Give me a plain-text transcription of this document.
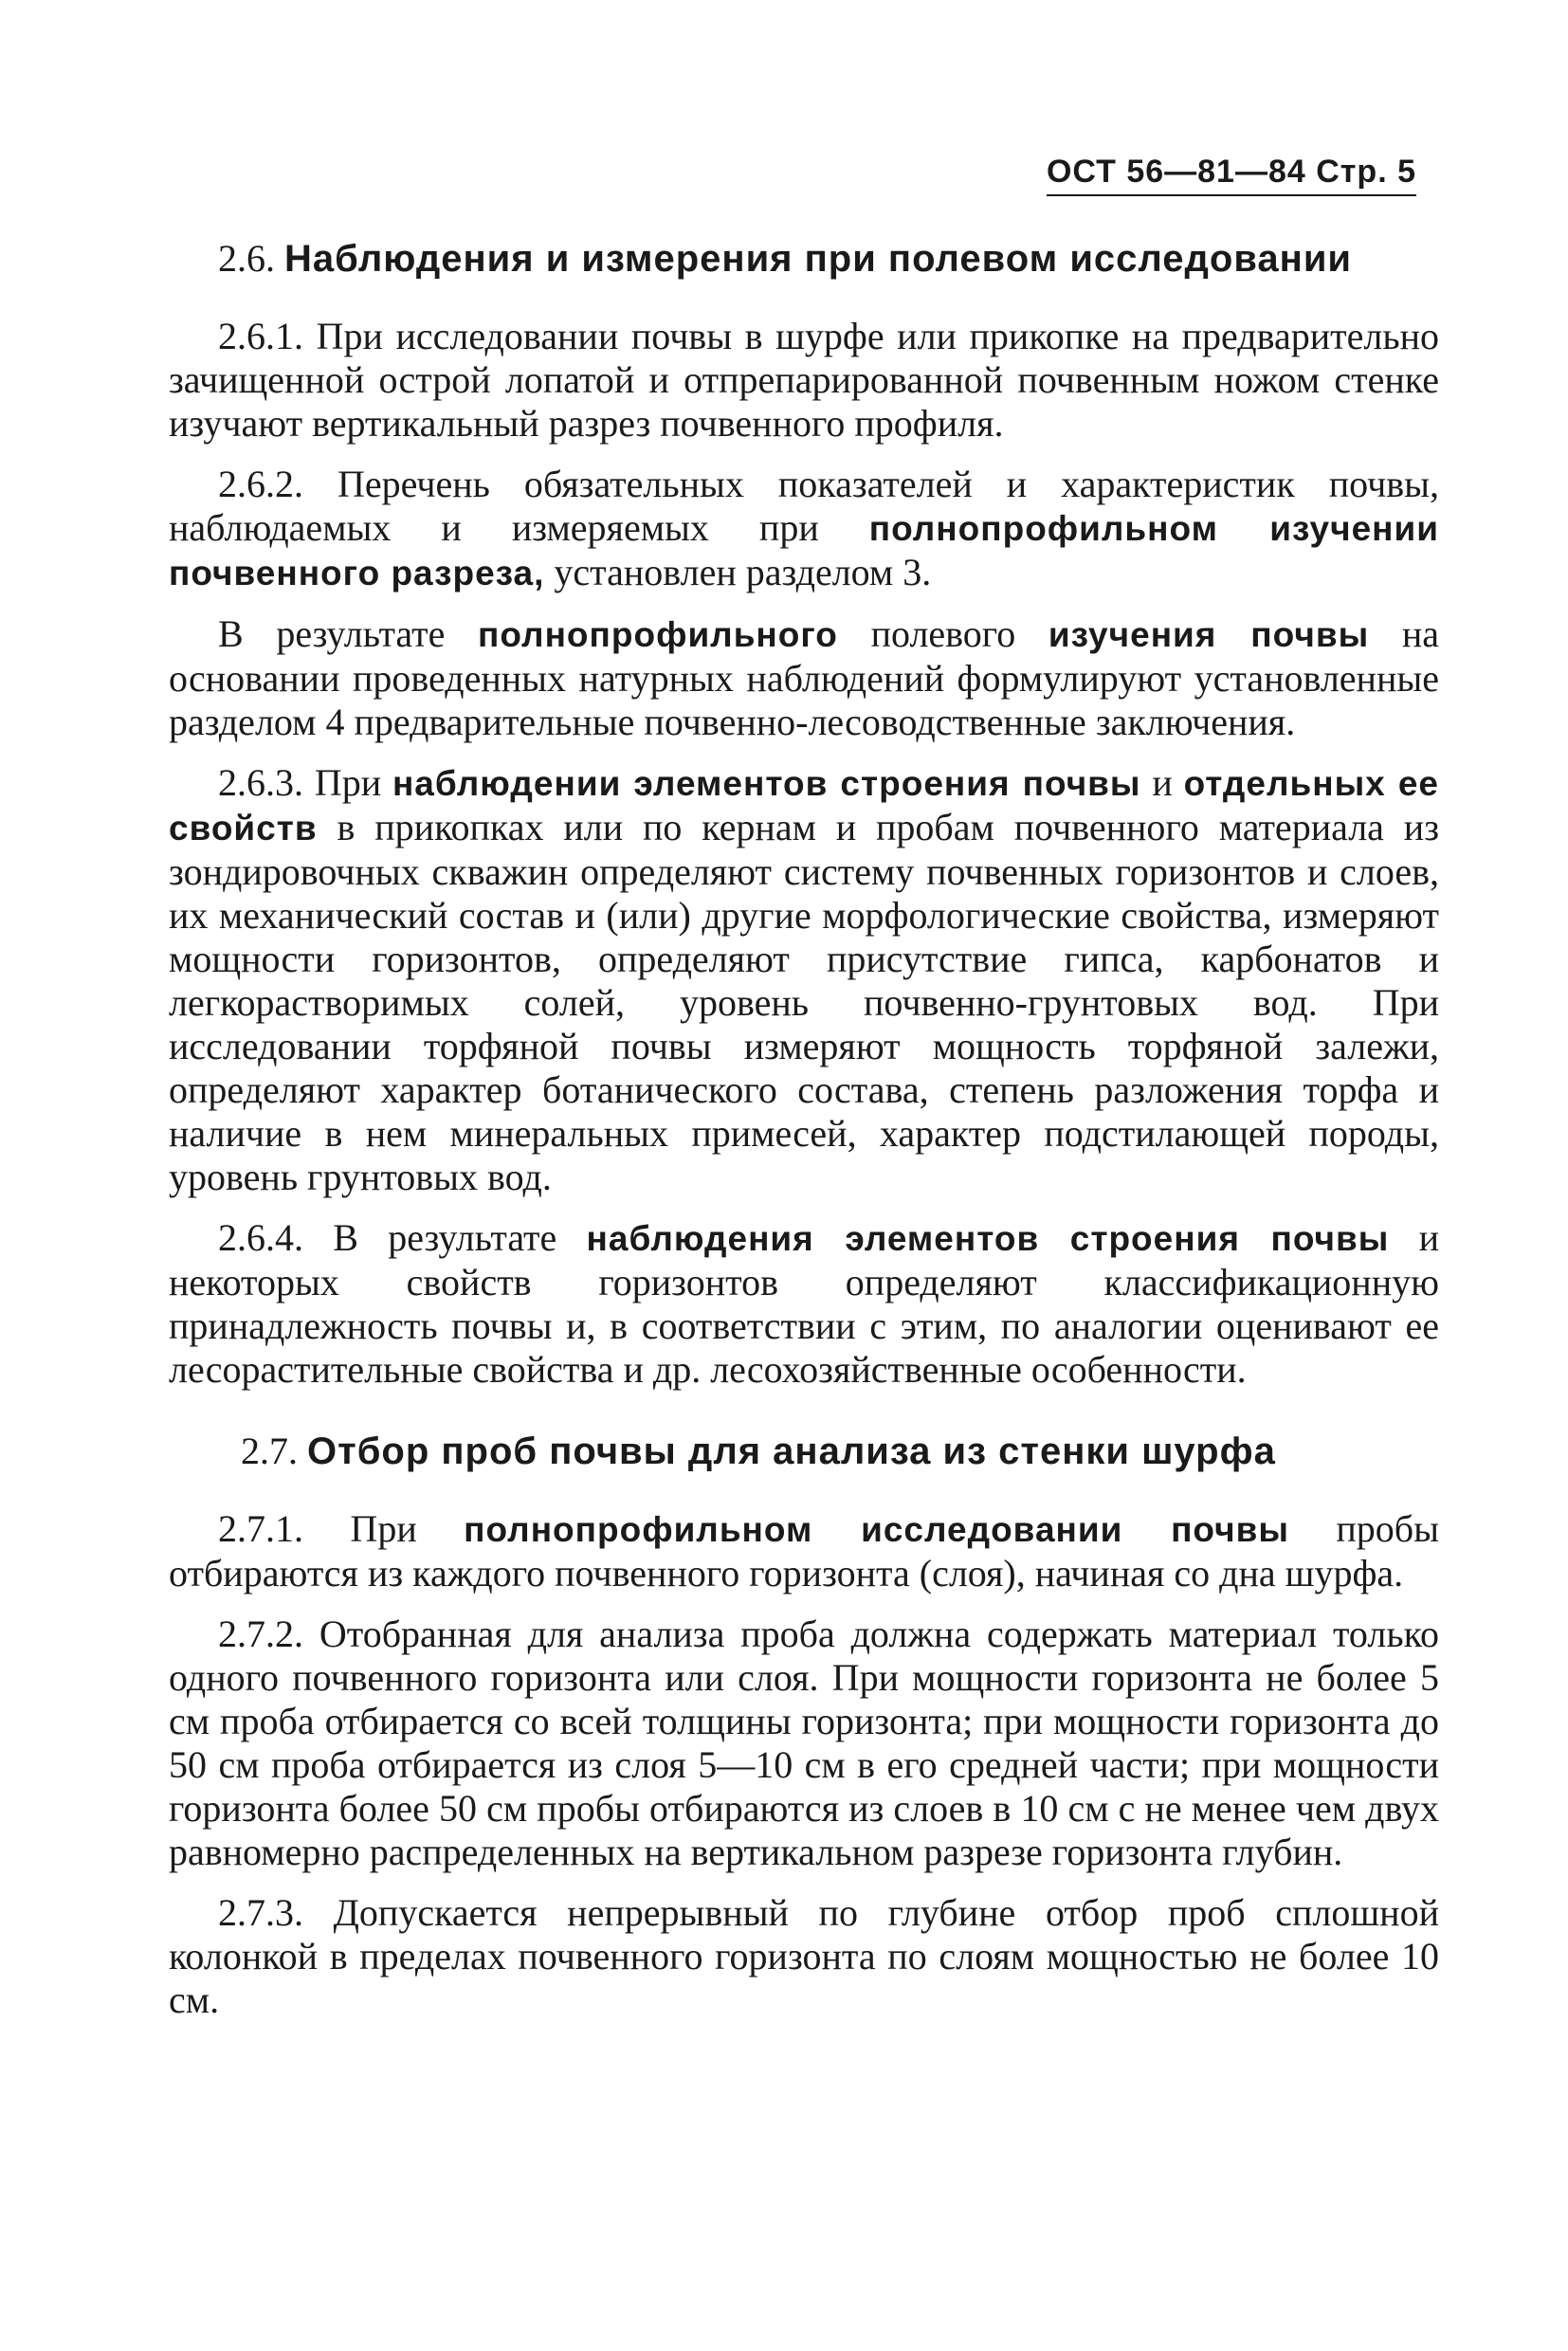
ОСТ 56—81—84 Стр. 5
2.6. Наблюдения и измерения при полевом исследовании

2.6.1. При исследовании почвы в шурфе или прикопке на предварительно зачищенной острой лопатой и отпрепарированной почвенным ножом стенке изучают вертикальный разрез почвенного профиля.

2.6.2. Перечень обязательных показателей и характеристик почвы, наблюдаемых и измеряемых при полнопрофильном изучении почвенного разреза, установлен разделом 3.

В результате полнопрофильного полевого изучения почвы на основании проведенных натурных наблюдений формулируют установленные разделом 4 предварительные почвенно-лесоводственные заключения.

2.6.3. При наблюдении элементов строения почвы и отдельных ее свойств в прикопках или по кернам и пробам почвенного материала из зондировочных скважин определяют систему почвенных горизонтов и слоев, их механический состав и (или) другие морфологические свойства, измеряют мощности горизонтов, определяют присутствие гипса, карбонатов и легкорастворимых солей, уровень почвенно-грунтовых вод. При исследовании торфяной почвы измеряют мощность торфяной залежи, определяют характер ботанического состава, степень разложения торфа и наличие в нем минеральных примесей, характер подстилающей породы, уровень грунтовых вод.

2.6.4. В результате наблюдения элементов строения почвы и некоторых свойств горизонтов определяют классификационную принадлежность почвы и, в соответствии с этим, по аналогии оценивают ее лесорастительные свойства и др. лесохозяйственные особенности.

2.7. Отбор проб почвы для анализа из стенки шурфа

2.7.1. При полнопрофильном исследовании почвы пробы отбираются из каждого почвенного горизонта (слоя), начиная со дна шурфа.

2.7.2. Отобранная для анализа проба должна содержать материал только одного почвенного горизонта или слоя. При мощности горизонта не более 5 см проба отбирается со всей толщины горизонта; при мощности горизонта до 50 см проба отбирается из слоя 5—10 см в его средней части; при мощности горизонта более 50 см пробы отбираются из слоев в 10 см с не менее чем двух равномерно распределенных на вертикальном разрезе горизонта глубин.

2.7.3. Допускается непрерывный по глубине отбор проб сплошной колонкой в пределах почвенного горизонта по слоям мощностью не более 10 см.
